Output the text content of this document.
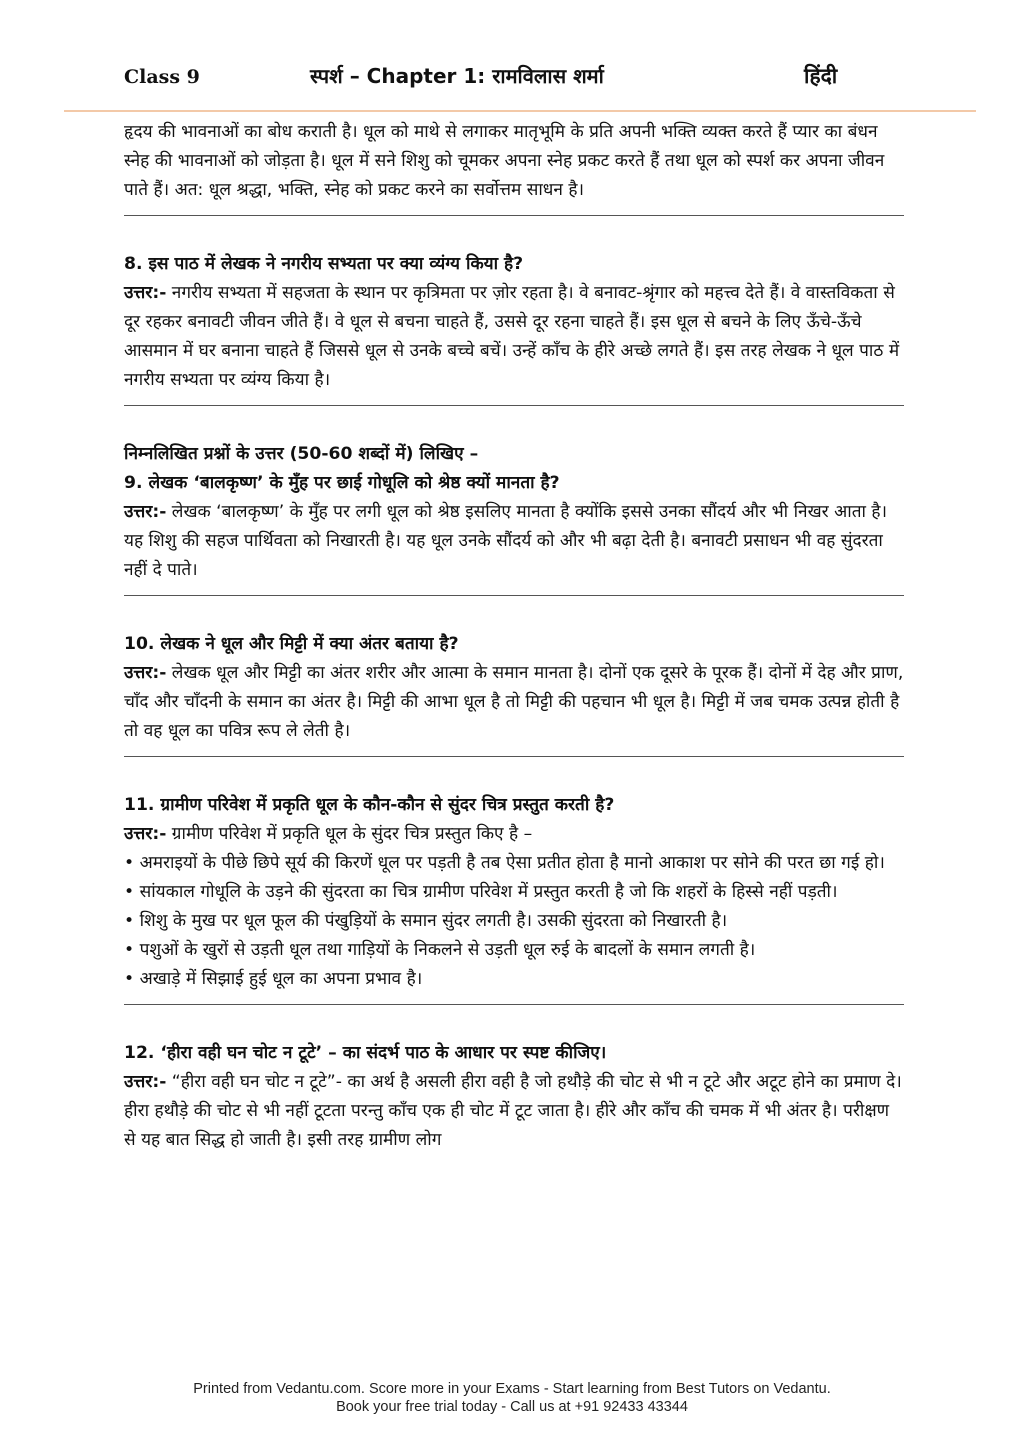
Class 9	स्पर्श – Chapter 1: रामविलास शर्मा	हिंदी

हृदय की भावनाओं का बोध कराती है। धूल को माथे से लगाकर मातृभूमि के प्रति अपनी भक्ति व्यक्त करते हैं प्यार का बंधन स्नेह की भावनाओं को जोड़ता है। धूल में सने शिशु को चूमकर अपना स्नेह प्रकट करते हैं तथा धूल को स्पर्श कर अपना जीवन पाते हैं। अत: धूल श्रद्धा, भक्ति, स्नेह को प्रकट करने का सर्वोत्तम साधन है।

8. इस पाठ में लेखक ने नगरीय सभ्यता पर क्या व्यंग्य किया है?

उत्तर:- नगरीय सभ्यता में सहजता के स्थान पर कृत्रिमता पर ज़ोर रहता है। वे बनावट-श्रृंगार को महत्त्व देते हैं। वे वास्तविकता से दूर रहकर बनावटी जीवन जीते हैं। वे धूल से बचना चाहते हैं, उससे दूर रहना चाहते हैं। इस धूल से बचने के लिए ऊँचे-ऊँचे आसमान में घर बनाना चाहते हैं जिससे धूल से उनके बच्चे बचें। उन्हें काँच के हीरे अच्छे लगते हैं। इस तरह लेखक ने धूल पाठ में नगरीय सभ्यता पर व्यंग्य किया है।

निम्नलिखित प्रश्नों के उत्तर (50-60 शब्दों में) लिखिए –

9. लेखक ‘बालकृष्ण’ के मुँह पर छाई गोधूलि को श्रेष्ठ क्यों मानता है?

उत्तर:- लेखक ‘बालकृष्ण’ के मुँह पर लगी धूल को श्रेष्ठ इसलिए मानता है क्योंकि इससे उनका सौंदर्य और भी निखर आता है। यह शिशु की सहज पार्थिवता को निखारती है। यह धूल उनके सौंदर्य को और भी बढ़ा देती है। बनावटी प्रसाधन भी वह सुंदरता नहीं दे पाते।

10. लेखक ने धूल और मिट्टी में क्या अंतर बताया है?

उत्तर:- लेखक धूल और मिट्टी का अंतर शरीर और आत्मा के समान मानता है। दोनों एक दूसरे के पूरक हैं। दोनों में देह और प्राण, चाँद और चाँदनी के समान का अंतर है। मिट्टी की आभा धूल है तो मिट्टी की पहचान भी धूल है। मिट्टी में जब चमक उत्पन्न होती है तो वह धूल का पवित्र रूप ले लेती है।

11. ग्रामीण परिवेश में प्रकृति धूल के कौन-कौन से सुंदर चित्र प्रस्तुत करती है?

उत्तर:- ग्रामीण परिवेश में प्रकृति धूल के सुंदर चित्र प्रस्तुत किए है –

• अमराइयों के पीछे छिपे सूर्य की किरणें धूल पर पड़ती है तब ऐसा प्रतीत होता है मानो आकाश पर सोने की परत छा गई हो।

• सांयकाल गोधूलि के उड़ने की सुंदरता का चित्र ग्रामीण परिवेश में प्रस्तुत करती है जो कि शहरों के हिस्से नहीं पड़ती।

• शिशु के मुख पर धूल फूल की पंखुड़ियों के समान सुंदर लगती है। उसकी सुंदरता को निखारती है।

• पशुओं के खुरों से उड़ती धूल तथा गाड़ियों के निकलने से उड़ती धूल रुई के बादलों के समान लगती है।

• अखाड़े में सिझाई हुई धूल का अपना प्रभाव है।

12. ‘हीरा वही घन चोट न टूटे’ – का संदर्भ पाठ के आधार पर स्पष्ट कीजिए।

उत्तर:- “हीरा वही घन चोट न टूटे”- का अर्थ है असली हीरा वही है जो हथौड़े की चोट से भी न टूटे और अटूट होने का प्रमाण दे। हीरा हथौड़े की चोट से भी नहीं टूटता परन्तु काँच एक ही चोट में टूट जाता है। हीरे और काँच की चमक में भी अंतर है। परीक्षण से यह बात सिद्ध हो जाती है। इसी तरह ग्रामीण लोग

Printed from Vedantu.com. Score more in your Exams - Start learning from Best Tutors on Vedantu.
Book your free trial today - Call us at +91 92433 43344
